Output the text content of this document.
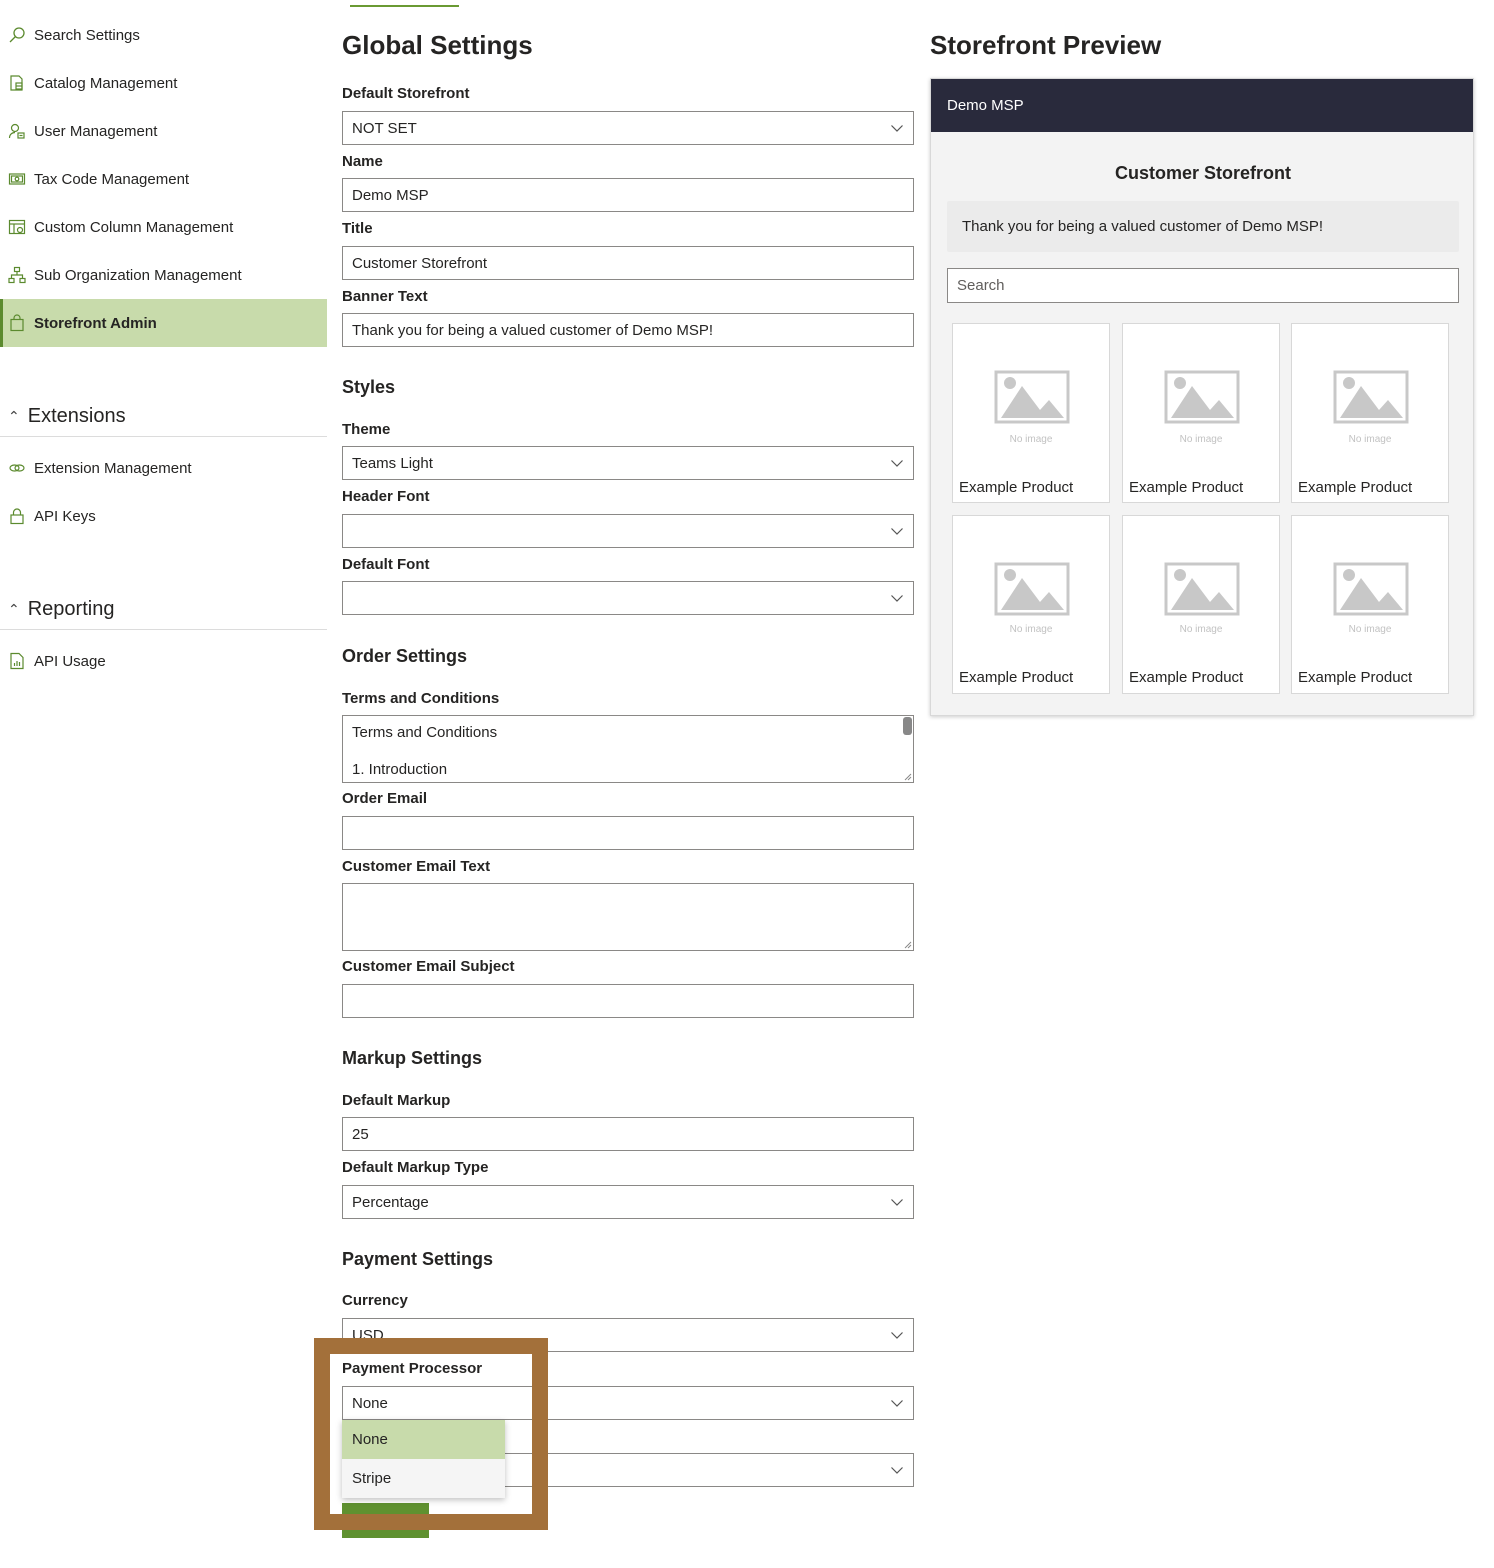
Search Settings
Catalog Management
User Management
Tax Code Management
Custom Column Management
Sub Organization Management
Storefront Admin
⌃ Extensions
Extension Management
API Keys
⌃ Reporting
API Usage
Global Settings
Default Storefront
NOT SET
Name
Demo MSP
Title
Customer Storefront
Banner Text
Thank you for being a valued customer of Demo MSP!
Styles
Theme
Teams Light
Header Font
Default Font
Order Settings
Terms and Conditions
Terms and Conditions
1. Introduction
Order Email
Customer Email Text
Customer Email Subject
Markup Settings
Default Markup
25
Default Markup Type
Percentage
Payment Settings
Currency
USD
Payment Processor
None
None
Stripe
Storefront Preview
Demo MSP
Customer Storefront
Thank you for being a valued customer of Demo MSP!
Search
No image
Example Product
No image
Example Product
No image
Example Product
No image
Example Product
No image
Example Product
No image
Example Product
